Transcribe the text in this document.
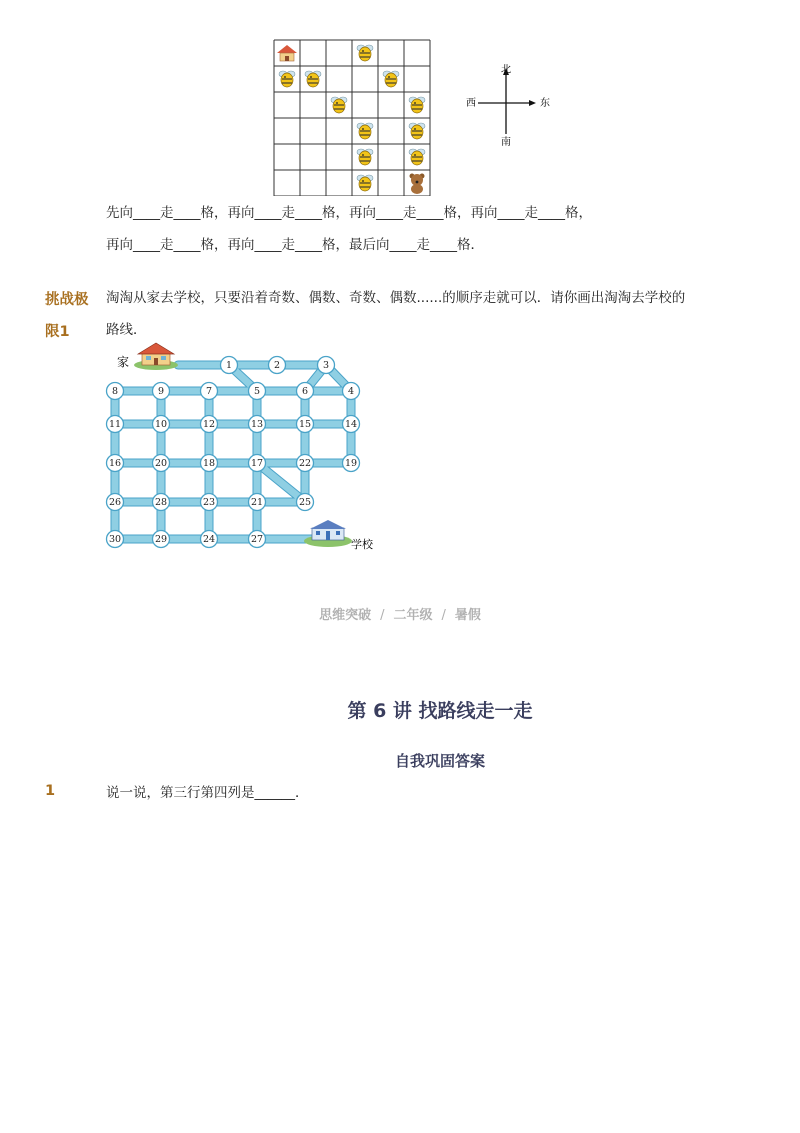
北
南
西	东
先向____走____格，再向____走____格，再向____走____格，再向____走____格，
再向____走____格，再向____走____格，最后向____走____格．
挑战极
限1
淘淘从家去学校，只要沿着奇数、偶数、奇数、偶数......的顺序走就可以．请你画出淘淘去学校的
路线．
家
学校
1	2	3
8	9	7	5	6	4
11	10	12	13	15	14
16	20	18	17	22	19
26	28	23	21	25
30	29	24	27
思维突破 / 二年级 / 暑假
第 6 讲 找路线走一走
自我巩固答案
1	说一说，第三行第四列是______．
